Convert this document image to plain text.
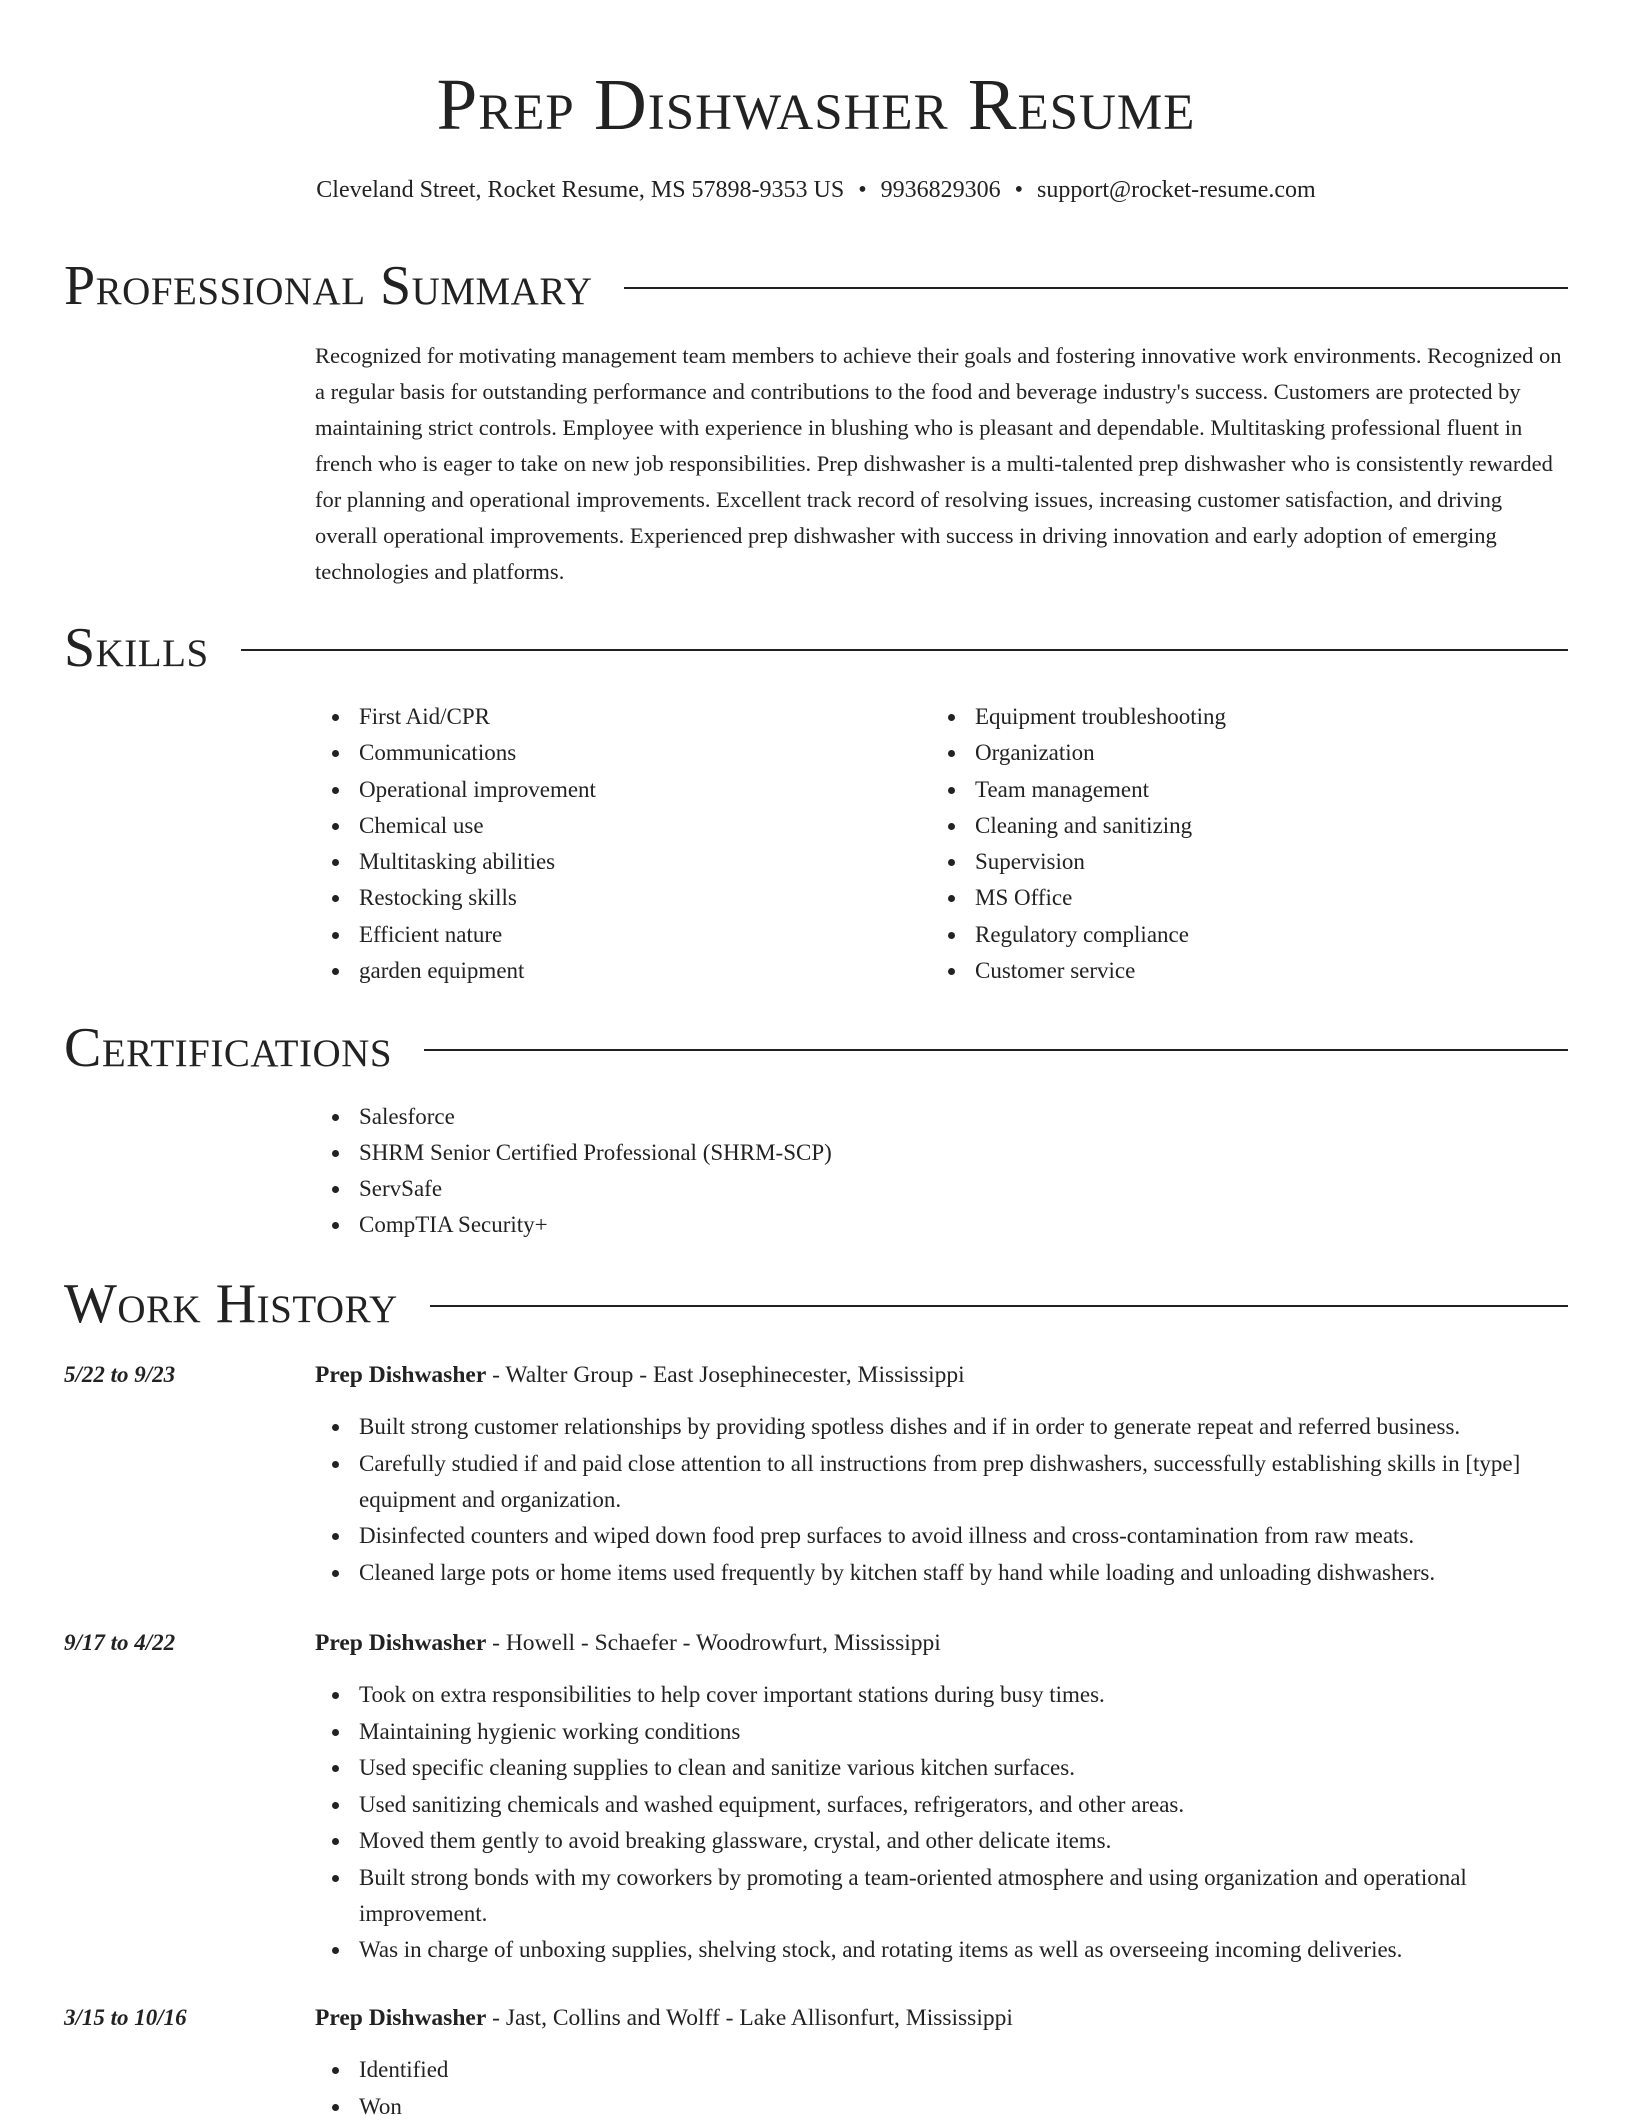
Prep Dishwasher Resume
Cleveland Street, Rocket Resume, MS 57898-9353 US • 9936829306 • support@rocket-resume.com
Professional Summary

Recognized for motivating management team members to achieve their goals and fostering innovative work environments. Recognized on a regular basis for outstanding performance and contributions to the food and beverage industry's success. Customers are protected by maintaining strict controls. Employee with experience in blushing who is pleasant and dependable. Multitasking professional fluent in french who is eager to take on new job responsibilities. Prep dishwasher is a multi-talented prep dishwasher who is consistently rewarded for planning and operational improvements. Excellent track record of resolving issues, increasing customer satisfaction, and driving overall operational improvements. Experienced prep dishwasher with success in driving innovation and early adoption of emerging technologies and platforms.

Skills
First Aid/CPR
Communications
Operational improvement
Chemical use
Multitasking abilities
Restocking skills
Efficient nature
garden equipment
Equipment troubleshooting
Organization
Team management
Cleaning and sanitizing
Supervision
MS Office
Regulatory compliance
Customer service
Certifications
Salesforce
SHRM Senior Certified Professional (SHRM-SCP)
ServSafe
CompTIA Security+
Work History
5/22 to 9/23	Prep Dishwasher - Walter Group - East Josephinecester, Mississippi
Built strong customer relationships by providing spotless dishes and if in order to generate repeat and referred business.
Carefully studied if and paid close attention to all instructions from prep dishwashers, successfully establishing skills in [type] equipment and organization.
Disinfected counters and wiped down food prep surfaces to avoid illness and cross-contamination from raw meats.
Cleaned large pots or home items used frequently by kitchen staff by hand while loading and unloading dishwashers.
9/17 to 4/22	Prep Dishwasher - Howell - Schaefer - Woodrowfurt, Mississippi
Took on extra responsibilities to help cover important stations during busy times.
Maintaining hygienic working conditions
Used specific cleaning supplies to clean and sanitize various kitchen surfaces.
Used sanitizing chemicals and washed equipment, surfaces, refrigerators, and other areas.
Moved them gently to avoid breaking glassware, crystal, and other delicate items.
Built strong bonds with my coworkers by promoting a team-oriented atmosphere and using organization and operational improvement.
Was in charge of unboxing supplies, shelving stock, and rotating items as well as overseeing incoming deliveries.
3/15 to 10/16	Prep Dishwasher - Jast, Collins and Wolff - Lake Allisonfurt, Mississippi
Identified
Won
